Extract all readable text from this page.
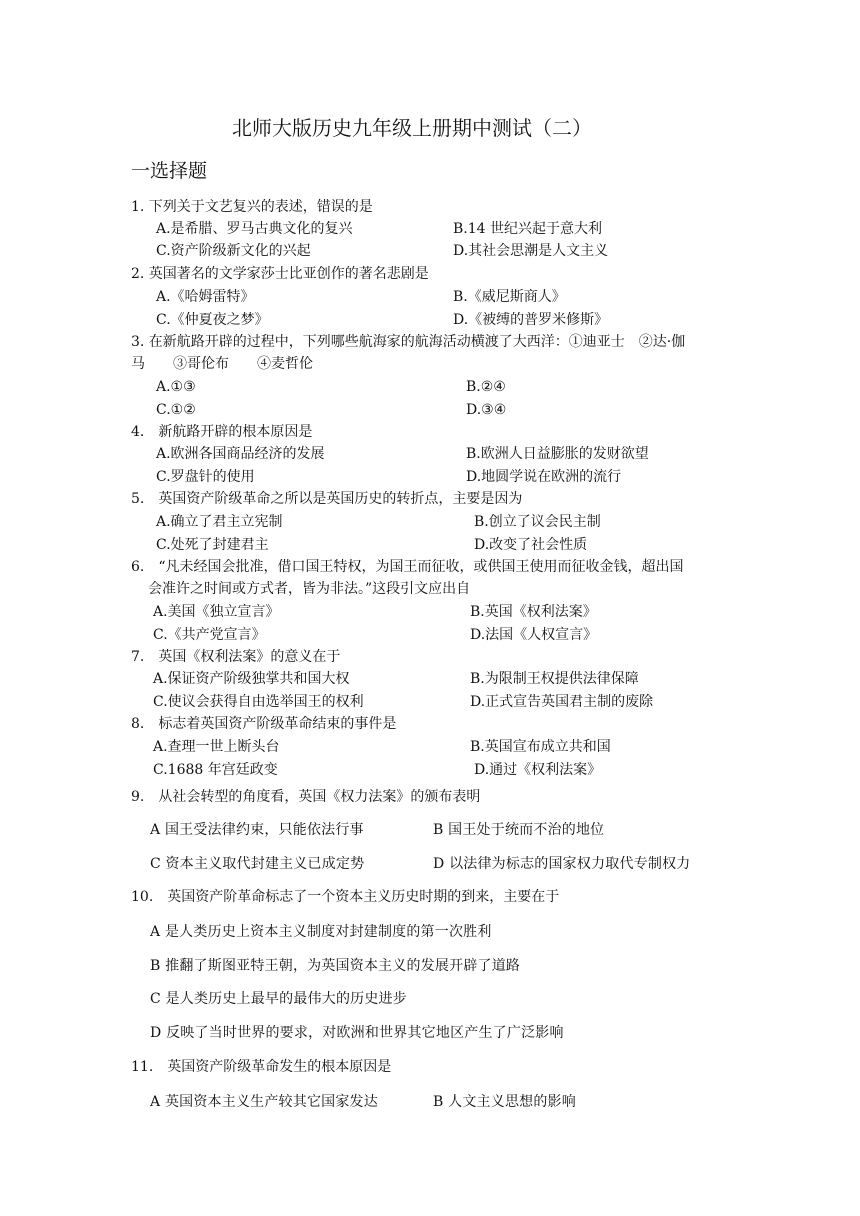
北师大版历史九年级上册期中测试（二）
一选择题
1. 下列关于文艺复兴的表述，错误的是
A.是希腊、罗马古典文化的复兴	B.14 世纪兴起于意大利
C.资产阶级新文化的兴起	D.其社会思潮是人文主义
2. 英国著名的文学家莎士比亚创作的著名悲剧是
A.《哈姆雷特》	B.《威尼斯商人》
C.《仲夏夜之梦》	D.《被缚的普罗米修斯》
3. 在新航路开辟的过程中，下列哪些航海家的航海活动横渡了大西洋：①迪亚士　②达·伽
马　　③哥伦布　　④麦哲伦
A.①③	B.②④
C.①②	D.③④
4.　新航路开辟的根本原因是
A.欧洲各国商品经济的发展	B.欧洲人日益膨胀的发财欲望
C.罗盘针的使用	D.地圆学说在欧洲的流行
5.　英国资产阶级革命之所以是英国历史的转折点，主要是因为
A.确立了君主立宪制	B.创立了议会民主制
C.处死了封建君主	D.改变了社会性质
6.　“凡未经国会批准，借口国王特权，为国王而征收，或供国王使用而征收金钱，超出国
会准许之时间或方式者，皆为非法。”这段引文应出自
A.美国《独立宣言》	B.英国《权利法案》
C.《共产党宣言》	D.法国《人权宣言》
7.　英国《权利法案》的意义在于
A.保证资产阶级独掌共和国大权	B.为限制王权提供法律保障
C.使议会获得自由选举国王的权利	D.正式宣告英国君主制的废除
8.　标志着英国资产阶级革命结束的事件是
A.查理一世上断头台	B.英国宣布成立共和国
C.1688 年宫廷政变	D.通过《权利法案》
9.　从社会转型的角度看，英国《权力法案》的颁布表明
A 国王受法律约束，只能依法行事	B 国王处于统而不治的地位
C 资本主义取代封建主义已成定势	D 以法律为标志的国家权力取代专制权力
10.　英国资产阶革命标志了一个资本主义历史时期的到来，主要在于
A 是人类历史上资本主义制度对封建制度的第一次胜利
B 推翻了斯图亚特王朝，为英国资本主义的发展开辟了道路
C 是人类历史上最早的最伟大的历史进步
D 反映了当时世界的要求，对欧洲和世界其它地区产生了广泛影响
11.　英国资产阶级革命发生的根本原因是
A 英国资本主义生产较其它国家发达	B 人文主义思想的影响
